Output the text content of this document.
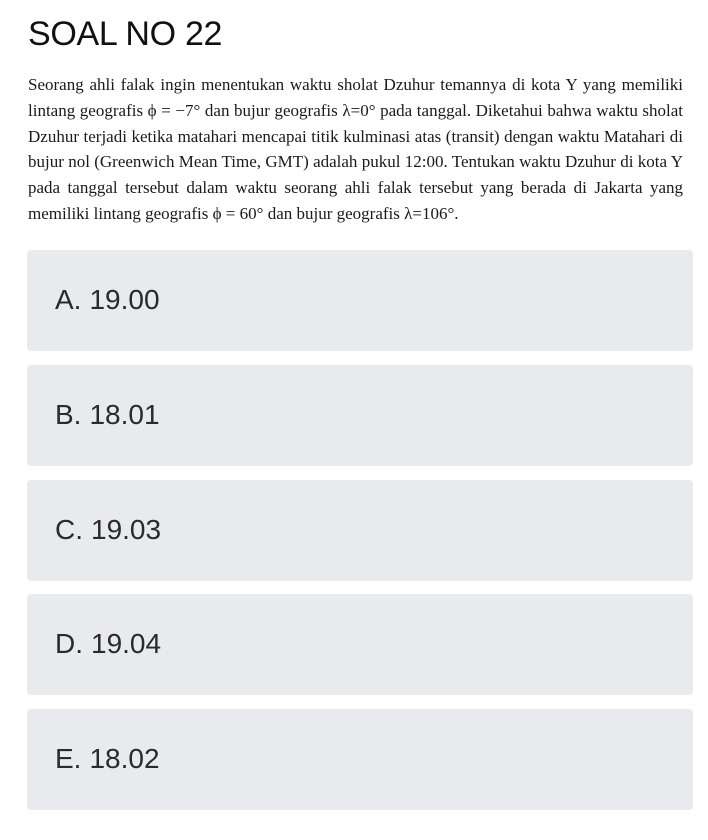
SOAL NO 22
Seorang ahli falak ingin menentukan waktu sholat Dzuhur temannya di kota Y yang memiliki lintang geografis ϕ = −7° dan bujur geografis λ=0° pada tanggal. Diketahui bahwa waktu sholat Dzuhur terjadi ketika matahari mencapai titik kulminasi atas (transit) dengan waktu Matahari di bujur nol (Greenwich Mean Time, GMT) adalah pukul 12:00. Tentukan waktu Dzuhur di kota Y pada tanggal tersebut dalam waktu seorang ahli falak tersebut yang berada di Jakarta yang memiliki lintang geografis ϕ = 60° dan bujur geografis λ=106°.
A. 19.00
B. 18.01
C. 19.03
D. 19.04
E. 18.02
